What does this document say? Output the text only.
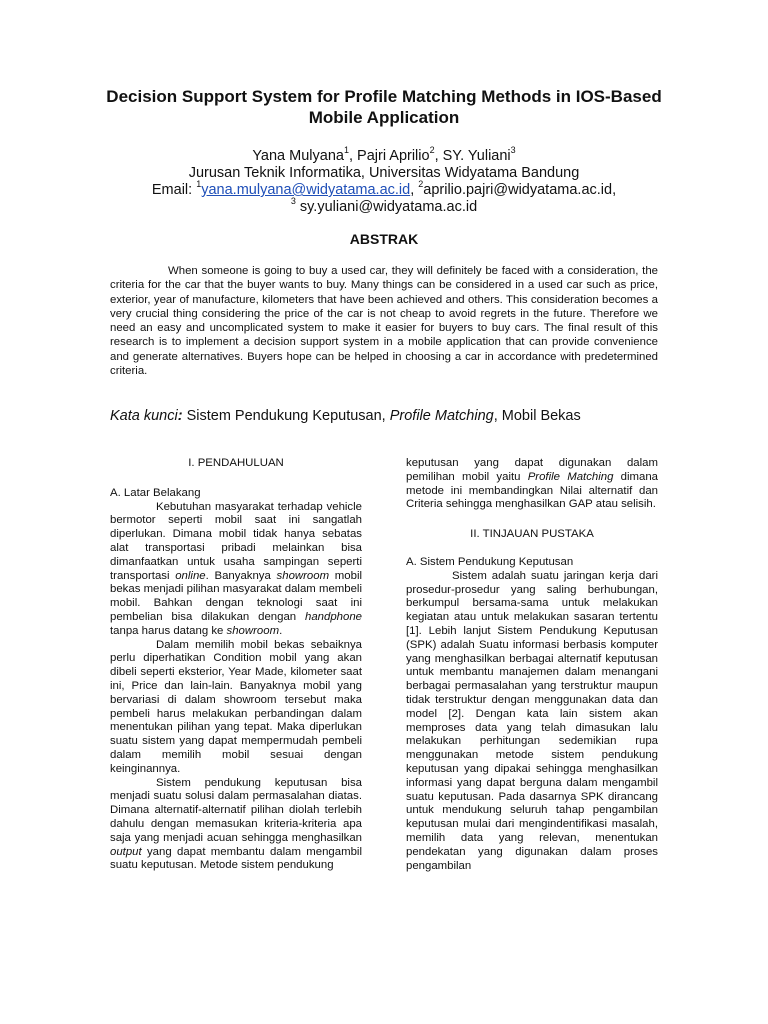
Decision Support System for Profile Matching Methods in IOS-Based Mobile Application
Yana Mulyana$^1$, Pajri Aprilio$^2$, SY. Yuliani$^3$
Jurusan Teknik Informatika, Universitas Widyatama Bandung
Email: $^1$yana.mulyana@widyatama.ac.id, $^2$aprilio.pajri@widyatama.ac.id,
$^3$ sy.yuliani@widyatama.ac.id
ABSTRAK

When someone is going to buy a used car, they will definitely be faced with a consideration, the criteria for the car that the buyer wants to buy. Many things can be considered in a used car such as price, exterior, year of manufacture, kilometers that have been achieved and others. This consideration becomes a very crucial thing considering the price of the car is not cheap to avoid regrets in the future. Therefore we need an easy and uncomplicated system to make it easier for buyers to buy cars. The final result of this research is to implement a decision support system in a mobile application that can provide convenience and generate alternatives. Buyers hope can be helped in choosing a car in accordance with predetermined criteria.

Kata kunci: Sistem Pendukung Keputusan, Profile Matching, Mobil Bekas

I. PENDAHULUAN

A. Latar Belakang

Kebutuhan masyarakat terhadap vehicle bermotor seperti mobil saat ini sangatlah diperlukan. Dimana mobil tidak hanya sebatas alat transportasi pribadi melainkan bisa dimanfaatkan untuk usaha sampingan seperti transportasi online. Banyaknya showroom mobil bekas menjadi pilihan masyarakat dalam membeli mobil. Bahkan dengan teknologi saat ini pembelian bisa dilakukan dengan handphone tanpa harus datang ke showroom.

Dalam memilih mobil bekas sebaiknya perlu diperhatikan Condition mobil yang akan dibeli seperti eksterior, Year Made, kilometer saat ini, Price dan lain-lain. Banyaknya mobil yang bervariasi di dalam showroom tersebut maka pembeli harus melakukan perbandingan dalam menentukan pilihan yang tepat. Maka diperlukan suatu sistem yang dapat mempermudah pembeli dalam memilih mobil sesuai dengan keinginannya.

Sistem pendukung keputusan bisa menjadi suatu solusi dalam permasalahan diatas. Dimana alternatif-alternatif pilihan diolah terlebih dahulu dengan memasukan kriteria-kriteria apa saja yang menjadi acuan sehingga menghasilkan output yang dapat membantu dalam mengambil suatu keputusan. Metode sistem pendukung

keputusan yang dapat digunakan dalam pemilihan mobil yaitu Profile Matching dimana metode ini membandingkan Nilai alternatif dan Criteria sehingga menghasilkan GAP atau selisih.

II. TINJAUAN PUSTAKA

A. Sistem Pendukung Keputusan

Sistem adalah suatu jaringan kerja dari prosedur-prosedur yang saling berhubungan, berkumpul bersama-sama untuk melakukan kegiatan atau untuk melakukan sasaran tertentu [1]. Lebih lanjut Sistem Pendukung Keputusan (SPK) adalah Suatu informasi berbasis komputer yang menghasilkan berbagai alternatif keputusan untuk membantu manajemen dalam menangani berbagai permasalahan yang terstruktur maupun tidak terstruktur dengan menggunakan data dan model [2]. Dengan kata lain sistem akan memproses data yang telah dimasukan lalu melakukan perhitungan sedemikian rupa menggunakan metode sistem pendukung keputusan yang dipakai sehingga menghasilkan informasi yang dapat berguna dalam mengambil suatu keputusan. Pada dasarnya SPK dirancang untuk mendukung seluruh tahap pengambilan keputusan mulai dari mengindentifikasi masalah, memilih data yang relevan, menentukan pendekatan yang digunakan dalam proses pengambilan
